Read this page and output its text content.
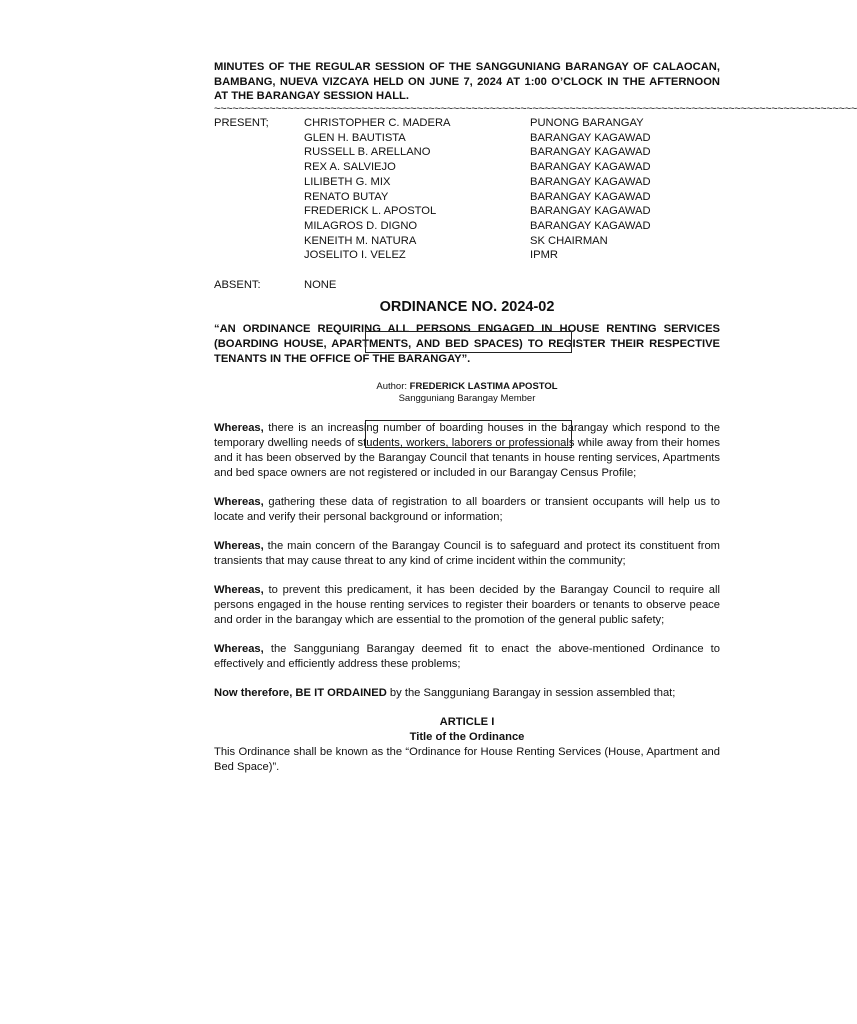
MINUTES OF THE REGULAR SESSION OF THE SANGGUNIANG BARANGAY OF CALAOCAN, BAMBANG, NUEVA VIZCAYA HELD ON JUNE 7, 2024 AT 1:00 O’CLOCK IN THE AFTERNOON AT THE BARANGAY SESSION HALL.

~~~~~~~~~~~~~~~~~~~~~~~~~~~~~~~~~~~~~~~~~~~~~~~~~~~~~~~~~~~~~~~~~~~~~~~~~~~~~~~~~~~~~~~~~~~~~~~~~~~~~~~~~
PRESENT;	CHRISTOPHER C. MADERA	PUNONG BARANGAY
GLEN H. BAUTISTA	BARANGAY KAGAWAD
RUSSELL B. ARELLANO	BARANGAY KAGAWAD
REX A. SALVIEJO	BARANGAY KAGAWAD
LILIBETH G. MIX	BARANGAY KAGAWAD
RENATO BUTAY	BARANGAY KAGAWAD
FREDERICK L. APOSTOL	BARANGAY KAGAWAD
MILAGROS D. DIGNO	BARANGAY KAGAWAD
KENEITH M. NATURA	SK CHAIRMAN
JOSELITO I. VELEZ	IPMR
ABSENT:	NONE
ORDINANCE NO. 2024-02

“AN ORDINANCE REQUIRING ALL PERSONS ENGAGED IN HOUSE RENTING SERVICES (BOARDING HOUSE, APARTMENTS, AND BED SPACES) TO REGISTER THEIR RESPECTIVE TENANTS IN THE OFFICE OF THE BARANGAY”.

Author: FREDERICK LASTIMA APOSTOL
Sangguniang Barangay Member

Whereas, there is an increasing number of boarding houses in the barangay which respond to the temporary dwelling needs of students, workers, laborers or professionals while away from their homes and it has been observed by the Barangay Council that tenants in house renting services, Apartments and bed space owners are not registered or included in our Barangay Census Profile;

Whereas, gathering these data of registration to all boarders or transient occupants will help us to locate and verify their personal background or information;

Whereas, the main concern of the Barangay Council is to safeguard and protect its constituent from transients that may cause threat to any kind of crime incident within the community;

Whereas, to prevent this predicament, it has been decided by the Barangay Council to require all persons engaged in the house renting services to register their boarders or tenants to observe peace and order in the barangay which are essential to the promotion of the general public safety;

Whereas, the Sangguniang Barangay deemed fit to enact the above-mentioned Ordinance to effectively and efficiently address these problems;

Now therefore, BE IT ORDAINED by the Sangguniang Barangay in session assembled that;

ARTICLE I
Title of the Ordinance

This Ordinance shall be known as the “Ordinance for House Renting Services (House, Apartment and Bed Space)”.
